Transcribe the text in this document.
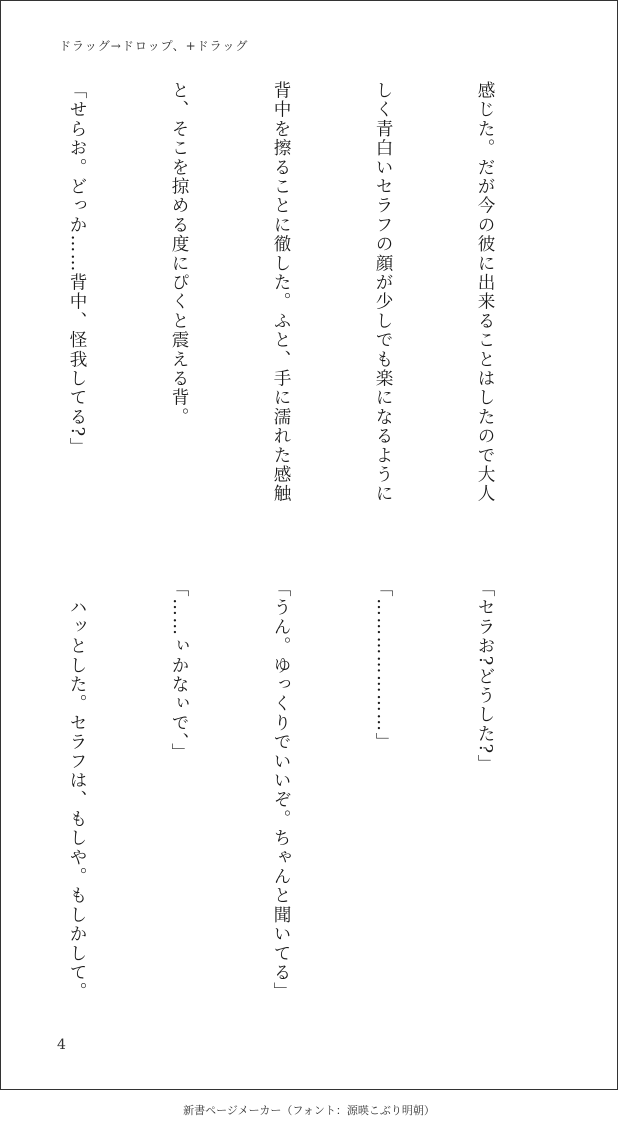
ドラッグ→ドロップ、+ドラッグ

感じた。だが今の彼に出来ることはしたので大人

しく青白いセラフの顔が少しでも楽になるように

背中を擦ることに徹した。ふと、手に濡れた感触

と、そこを掠める度にぴくと震える背。

「せらお。どっか……背中、怪我してる?」

「セラお?どうした?」

「…………………」

「うん。ゆっくりでいいぞ。ちゃんと聞いてる」

「……ぃかなぃで、」

　ハッとした。セラフは、もしや。もしかして。

4
新書ページメーカー（フォント：源暎こぶり明朝）
